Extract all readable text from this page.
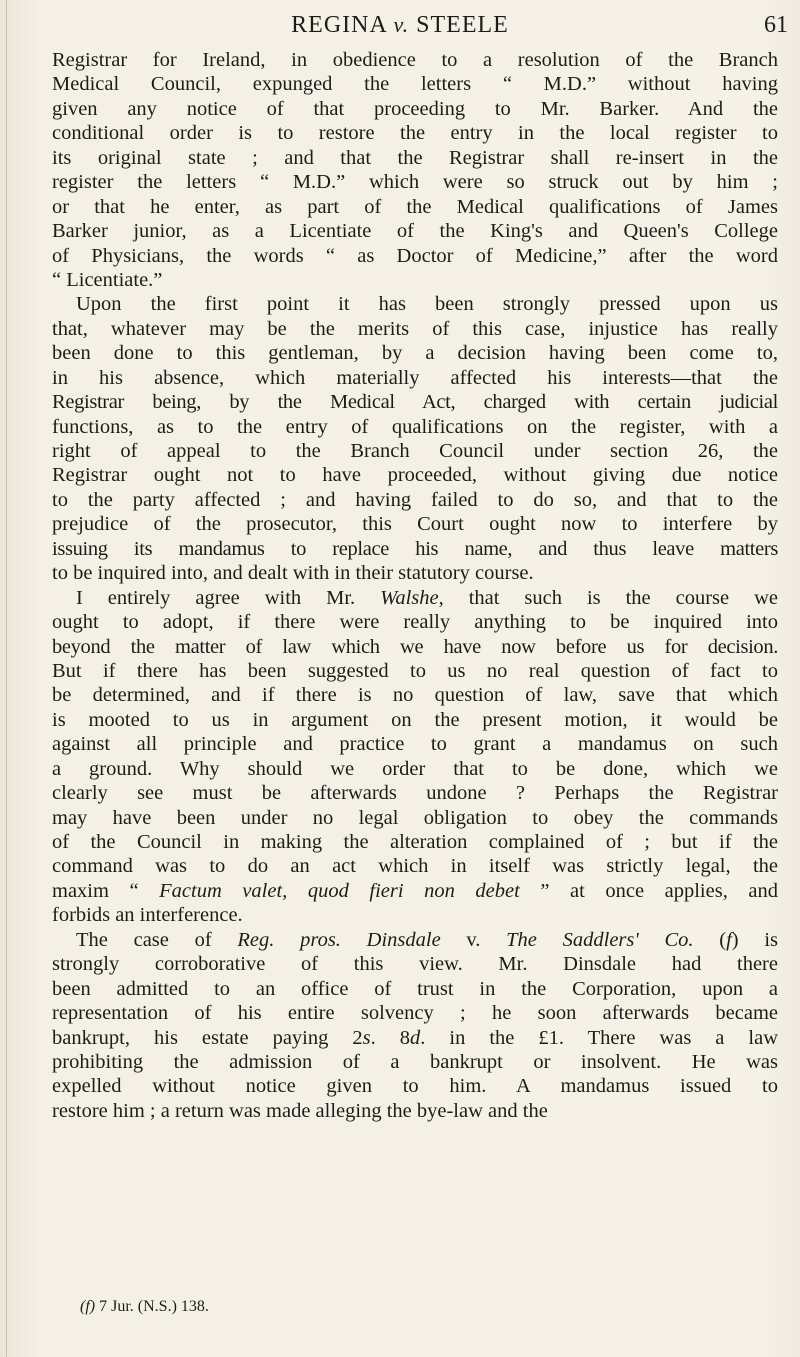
REGINA v. STEELE	61
Registrar for Ireland, in obedience to a resolution of the Branch
Medical Council, expunged the letters “ M.D.” without having
given any notice of that proceeding to Mr. Barker. And the
conditional order is to restore the entry in the local register to
its original state ; and that the Registrar shall re-insert in the
register the letters “ M.D.” which were so struck out by him ;
or that he enter, as part of the Medical qualifications of James
Barker junior, as a Licentiate of the King's and Queen's College
of Physicians, the words “ as Doctor of Medicine,” after the word
“ Licentiate.”
Upon the first point it has been strongly pressed upon us
that, whatever may be the merits of this case, injustice has really
been done to this gentleman, by a decision having been come to,
in his absence, which materially affected his interests—that the
Registrar being, by the Medical Act, charged with certain judicial
functions, as to the entry of qualifications on the register, with a
right of appeal to the Branch Council under section 26, the
Registrar ought not to have proceeded, without giving due notice
to the party affected ; and having failed to do so, and that to the
prejudice of the prosecutor, this Court ought now to interfere by
issuing its mandamus to replace his name, and thus leave matters
to be inquired into, and dealt with in their statutory course.
I entirely agree with Mr. Walshe, that such is the course we
ought to adopt, if there were really anything to be inquired into
beyond the matter of law which we have now before us for decision.
But if there has been suggested to us no real question of fact to
be determined, and if there is no question of law, save that which
is mooted to us in argument on the present motion, it would be
against all principle and practice to grant a mandamus on such
a ground. Why should we order that to be done, which we
clearly see must be afterwards undone ? Perhaps the Registrar
may have been under no legal obligation to obey the commands
of the Council in making the alteration complained of ; but if the
command was to do an act which in itself was strictly legal, the
maxim “ Factum valet, quod fieri non debet ” at once applies, and
forbids an interference.
The case of Reg. pros. Dinsdale v. The Saddlers' Co. (f) is
strongly corroborative of this view. Mr. Dinsdale had there
been admitted to an office of trust in the Corporation, upon a
representation of his entire solvency ; he soon afterwards became
bankrupt, his estate paying 2s. 8d. in the £1. There was a law
prohibiting the admission of a bankrupt or insolvent. He was
expelled without notice given to him. A mandamus issued to
restore him ; a return was made alleging the bye-law and the
(f) 7 Jur. (N.S.) 138.
